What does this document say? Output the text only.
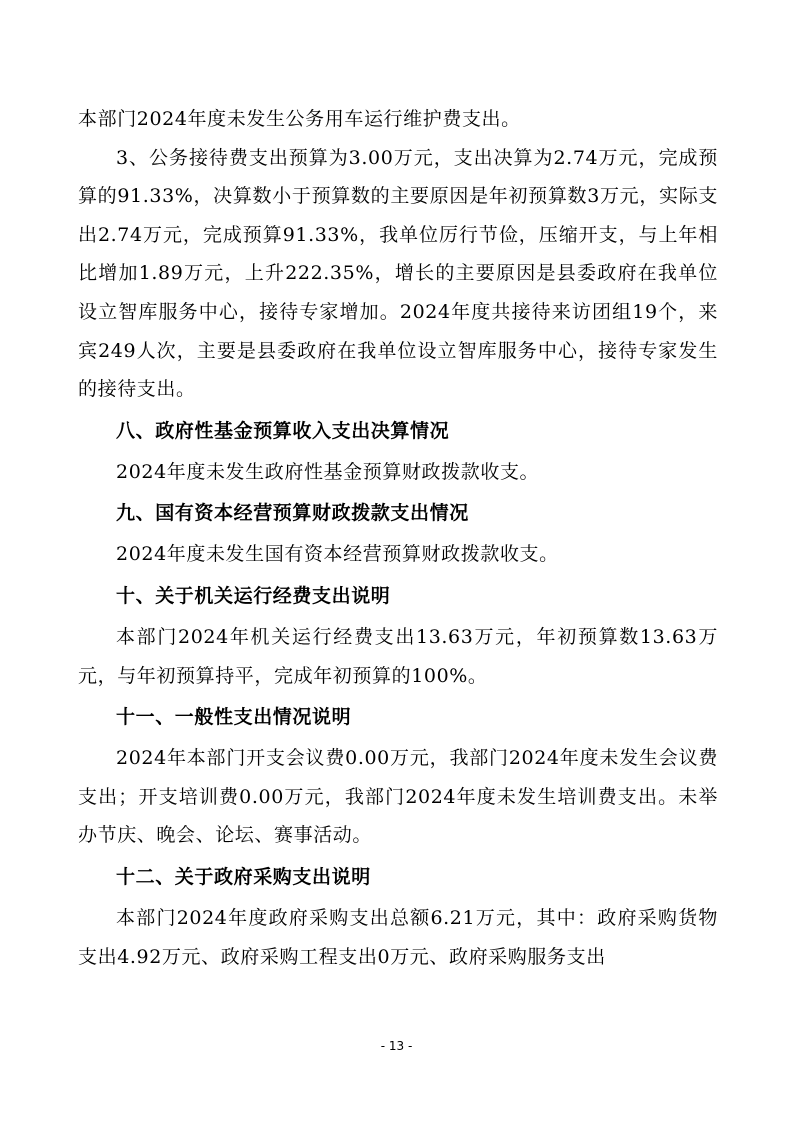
本部门2024年度未发生公务用车运行维护费支出。

3、公务接待费支出预算为3.00万元，支出决算为2.74万元，完成预算的91.33%，决算数小于预算数的主要原因是年初预算数3万元，实际支出2.74万元，完成预算91.33%，我单位厉行节俭，压缩开支，与上年相比增加1.89万元，上升222.35%，增长的主要原因是县委政府在我单位设立智库服务中心，接待专家增加。2024年度共接待来访团组19个，来宾249人次，主要是县委政府在我单位设立智库服务中心，接待专家发生的接待支出。

八、政府性基金预算收入支出决算情况

2024年度未发生政府性基金预算财政拨款收支。

九、国有资本经营预算财政拨款支出情况

2024年度未发生国有资本经营预算财政拨款收支。

十、关于机关运行经费支出说明

本部门2024年机关运行经费支出13.63万元，年初预算数13.63万元，与年初预算持平，完成年初预算的100%。

十一、一般性支出情况说明

2024年本部门开支会议费0.00万元，我部门2024年度未发生会议费支出；开支培训费0.00万元，我部门2024年度未发生培训费支出。未举办节庆、晚会、论坛、赛事活动。

十二、关于政府采购支出说明

本部门2024年度政府采购支出总额6.21万元，其中：政府采购货物支出4.92万元、政府采购工程支出0万元、政府采购服务支出

- 13 -
